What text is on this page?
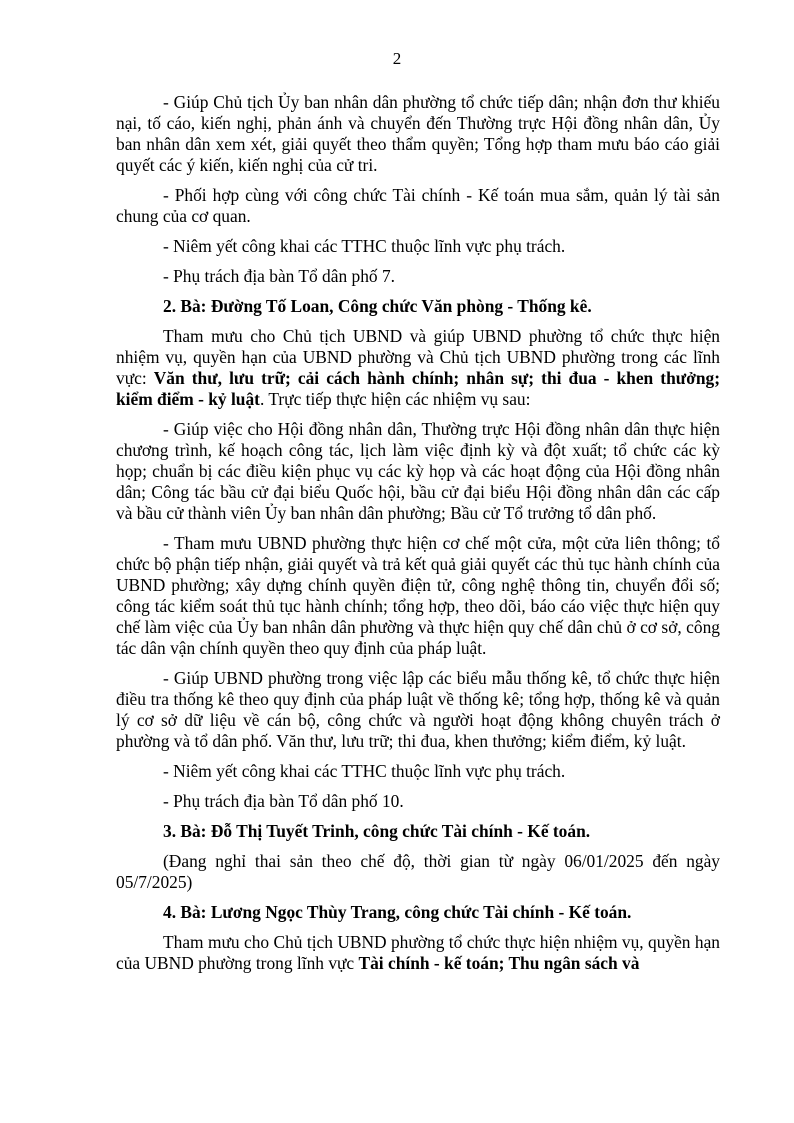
2

- Giúp Chủ tịch Ủy ban nhân dân phường tổ chức tiếp dân; nhận đơn thư khiếu nại, tố cáo, kiến nghị, phản ánh và chuyển đến Thường trực Hội đồng nhân dân, Ủy ban nhân dân xem xét, giải quyết theo thẩm quyền; Tổng hợp tham mưu báo cáo giải quyết các ý kiến, kiến nghị của cử tri.

- Phối hợp cùng với công chức Tài chính - Kế toán mua sắm, quản lý tài sản chung của cơ quan.

- Niêm yết công khai các TTHC thuộc lĩnh vực phụ trách.

- Phụ trách địa bàn Tổ dân phố 7.

2. Bà: Đường Tố Loan, Công chức Văn phòng - Thống kê.

Tham mưu cho Chủ tịch UBND và giúp UBND phường tổ chức thực hiện nhiệm vụ, quyền hạn của UBND phường và Chủ tịch UBND phường trong các lĩnh vực: Văn thư, lưu trữ; cải cách hành chính; nhân sự; thi đua - khen thưởng; kiểm điểm - kỷ luật. Trực tiếp thực hiện các nhiệm vụ sau:

- Giúp việc cho Hội đồng nhân dân, Thường trực Hội đồng nhân dân thực hiện chương trình, kế hoạch công tác, lịch làm việc định kỳ và đột xuất; tổ chức các kỳ họp; chuẩn bị các điều kiện phục vụ các kỳ họp và các hoạt động của Hội đồng nhân dân; Công tác bầu cử đại biểu Quốc hội, bầu cử đại biểu Hội đồng nhân dân các cấp và bầu cử thành viên Ủy ban nhân dân phường; Bầu cử Tổ trưởng tổ dân phố.

- Tham mưu UBND phường thực hiện cơ chế một cửa, một cửa liên thông; tổ chức bộ phận tiếp nhận, giải quyết và trả kết quả giải quyết các thủ tục hành chính của UBND phường; xây dựng chính quyền điện tử, công nghệ thông tin, chuyển đổi số; công tác kiểm soát thủ tục hành chính; tổng hợp, theo dõi, báo cáo việc thực hiện quy chế làm việc của Ủy ban nhân dân phường và thực hiện quy chế dân chủ ở cơ sở, công tác dân vận chính quyền theo quy định của pháp luật.

- Giúp UBND phường trong việc lập các biểu mẫu thống kê, tổ chức thực hiện điều tra thống kê theo quy định của pháp luật về thống kê; tổng hợp, thống kê và quản lý cơ sở dữ liệu về cán bộ, công chức và người hoạt động không chuyên trách ở phường và tổ dân phố. Văn thư, lưu trữ; thi đua, khen thưởng; kiểm điểm, kỷ luật.

- Niêm yết công khai các TTHC thuộc lĩnh vực phụ trách.

- Phụ trách địa bàn Tổ dân phố 10.

3. Bà: Đỗ Thị Tuyết Trinh, công chức Tài chính - Kế toán.

(Đang nghỉ thai sản theo chế độ, thời gian từ ngày 06/01/2025 đến ngày 05/7/2025)

4. Bà: Lương Ngọc Thùy Trang, công chức Tài chính - Kế toán.

Tham mưu cho Chủ tịch UBND phường tổ chức thực hiện nhiệm vụ, quyền hạn của UBND phường trong lĩnh vực Tài chính - kế toán; Thu ngân sách và
